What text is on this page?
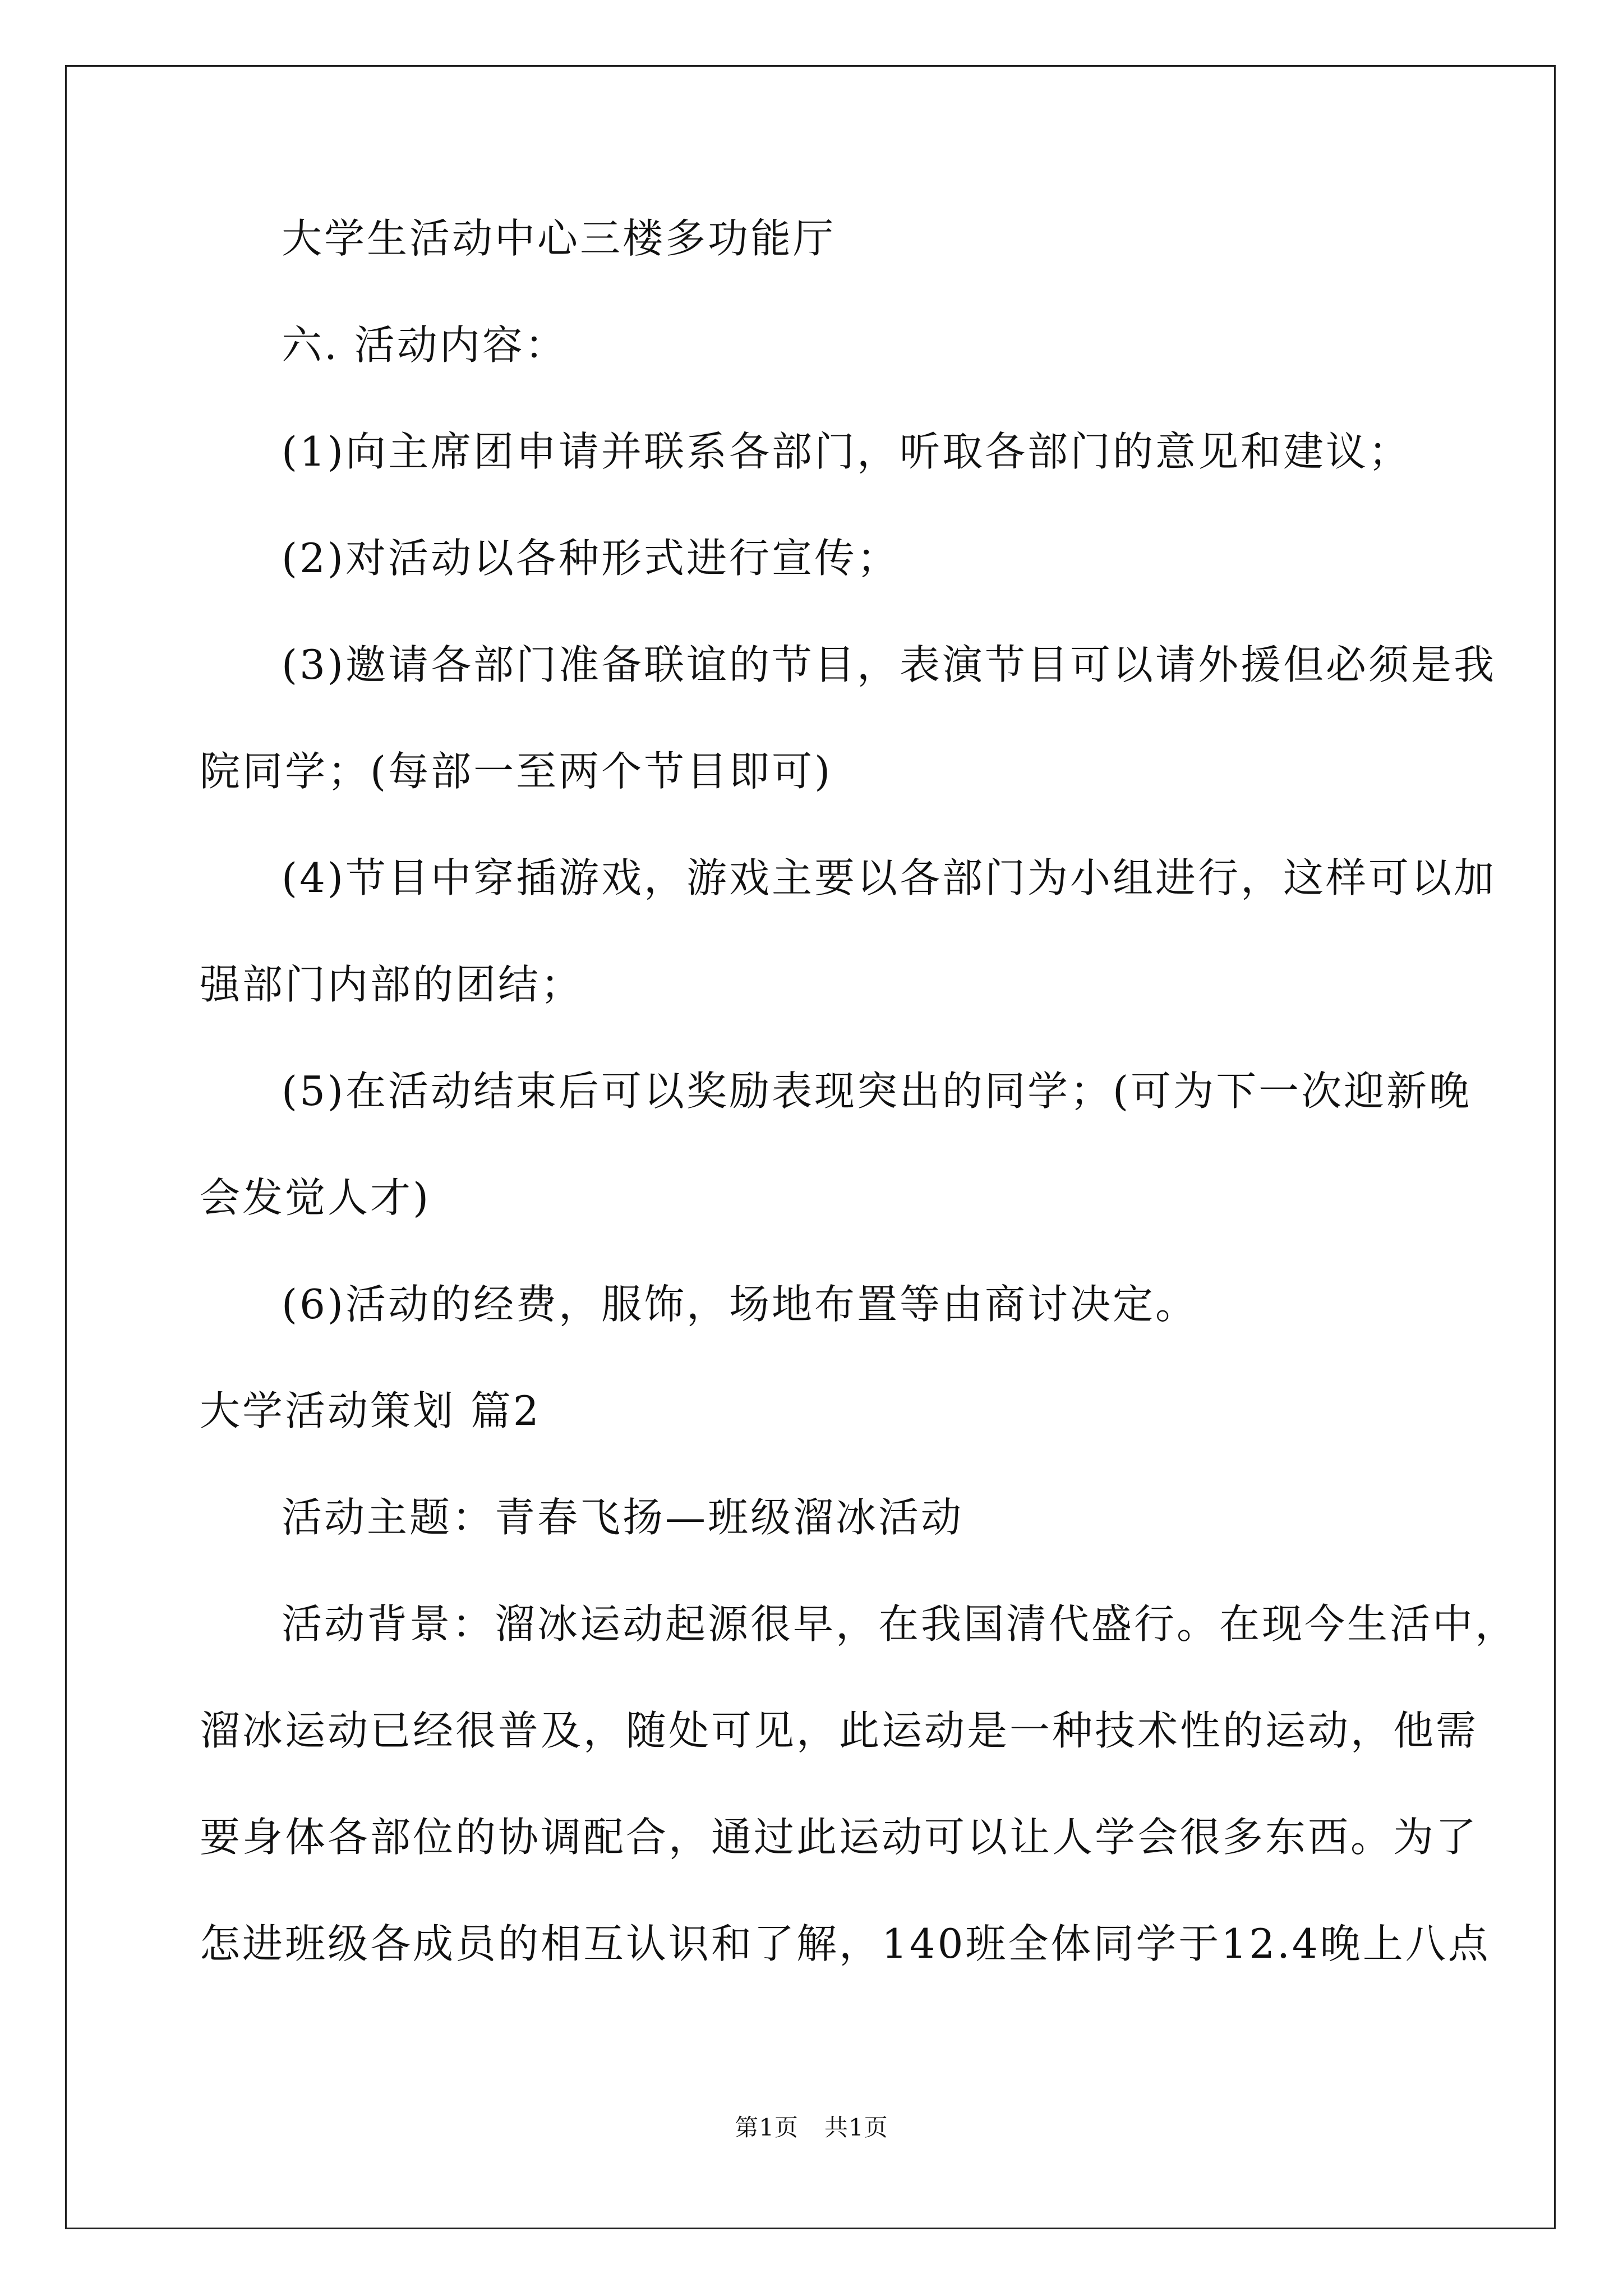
大学生活动中心三楼多功能厅

六. 活动内容：

(1)向主席团申请并联系各部门，听取各部门的意见和建议；

(2)对活动以各种形式进行宣传；

(3)邀请各部门准备联谊的节目，表演节目可以请外援但必须是我

院同学；(每部一至两个节目即可)

(4)节目中穿插游戏，游戏主要以各部门为小组进行，这样可以加

强部门内部的团结；

(5)在活动结束后可以奖励表现突出的同学；(可为下一次迎新晚

会发觉人才)

(6)活动的经费，服饰，场地布置等由商讨决定。

大学活动策划 篇2

活动主题：青春飞扬—班级溜冰活动

活动背景：溜冰运动起源很早，在我国清代盛行。在现今生活中，

溜冰运动已经很普及，随处可见，此运动是一种技术性的运动，他需

要身体各部位的协调配合，通过此运动可以让人学会很多东西。为了

怎进班级各成员的相互认识和了解，140班全体同学于12.4晚上八点

第1页 共1页
